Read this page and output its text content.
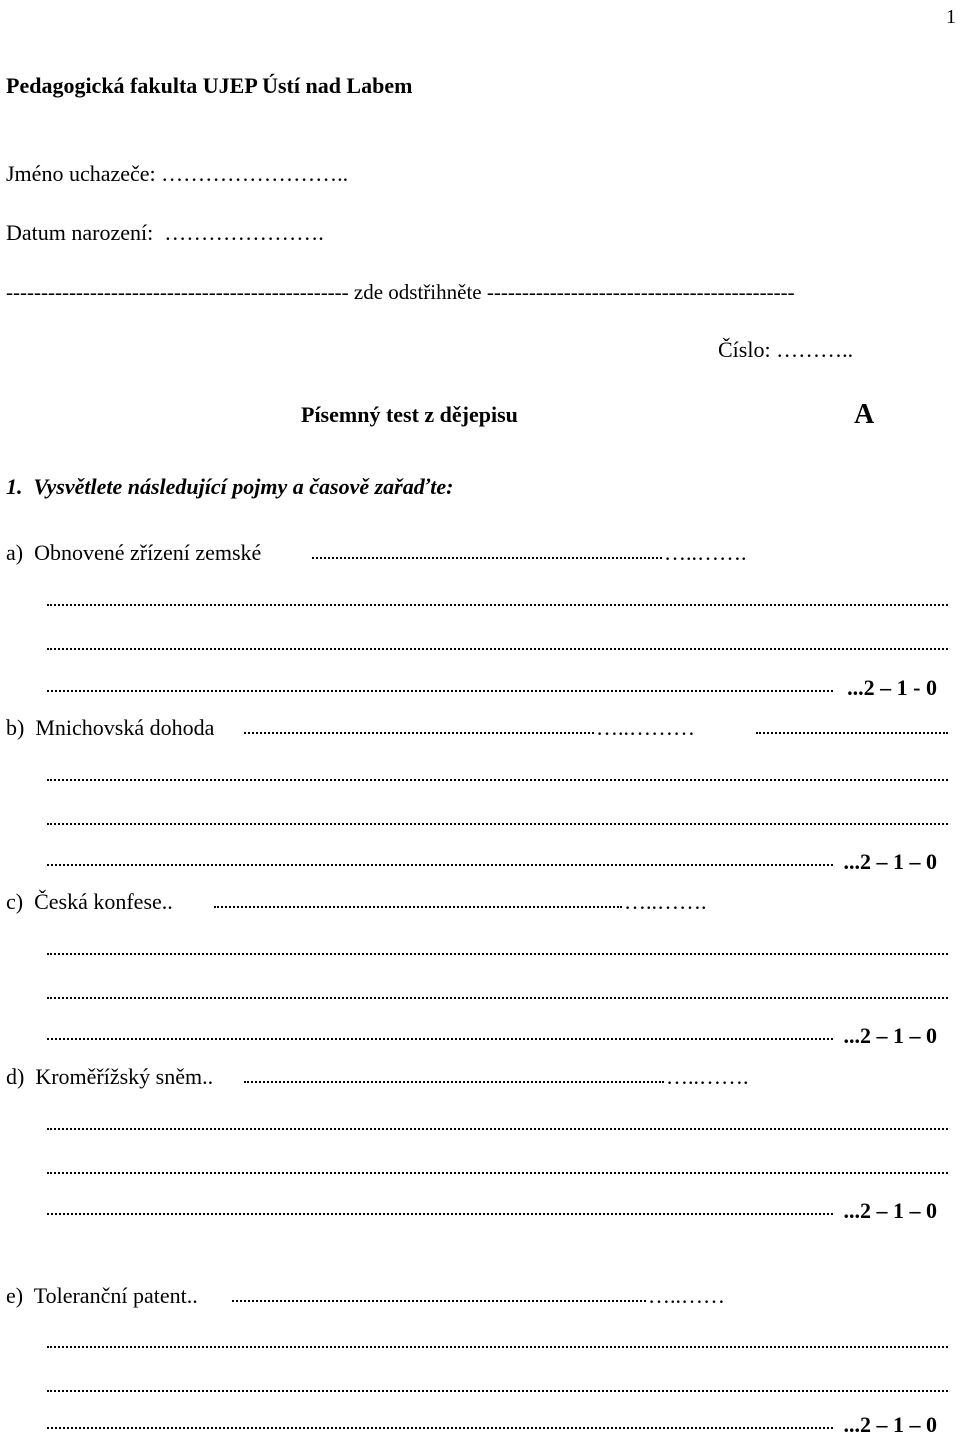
1
Pedagogická fakulta UJEP Ústí nad Labem
Jméno uchazeče: ……………………..
Datum narození:  ………………….
------------------------------------------------- zde odstřihněte --------------------------------------------
Číslo: ………..
Písemný test z dějepisu	A
1.  Vysvětlete následující pojmy a časově zařaďte:
a)  Obnovené zřízení zemské	…..…….
...2 – 1 - 0
b)  Mnichovská dohoda	…..………
...2 – 1 – 0
c)  Česká konfese..	…..…….
...2 – 1 – 0
d)  Kroměřížský sněm..	…..…….
...2 – 1 – 0
e)  Toleranční patent..	…..……
...2 – 1 – 0
